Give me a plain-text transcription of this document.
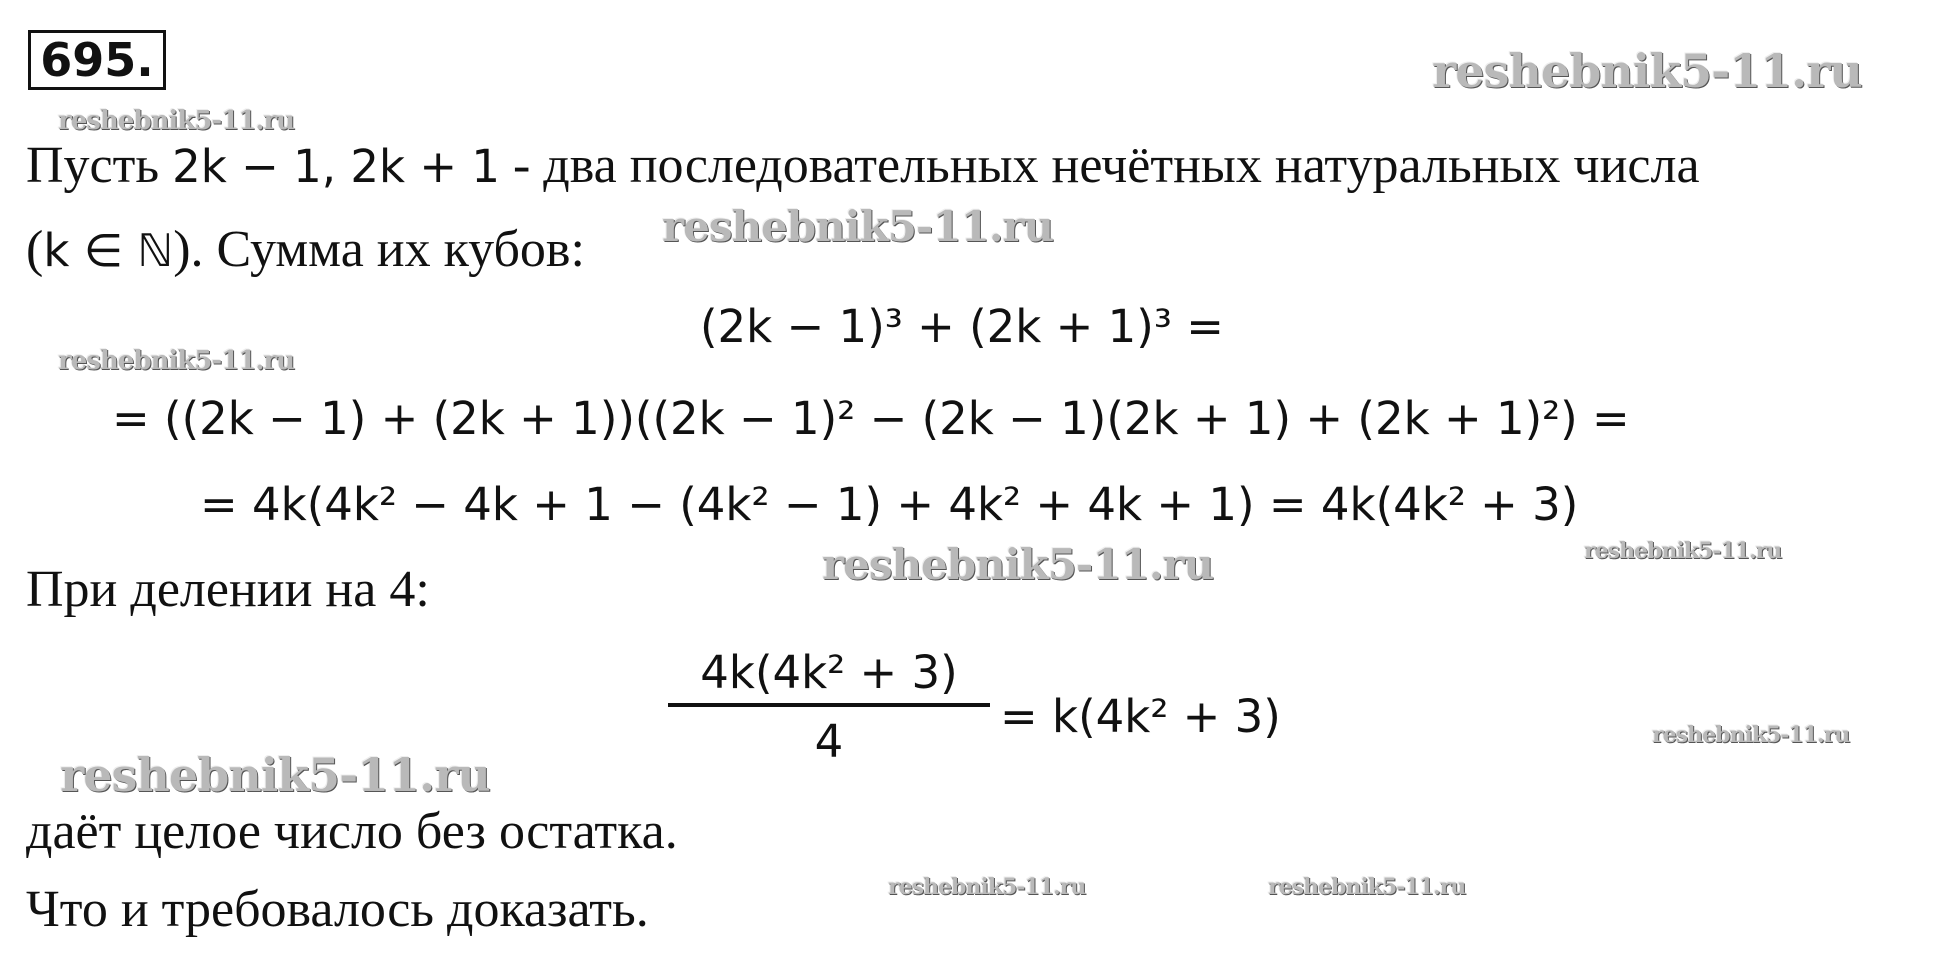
695.	reshebnik5-11.ru
reshebnik5-11.ru
reshebnik5-11.ru
reshebnik5-11.ru
reshebnik5-11.ru	reshebnik5-11.ru
reshebnik5-11.ru
reshebnik5-11.ru
reshebnik5-11.ru	reshebnik5-11.ru
Пусть 2k − 1, 2k + 1 - два последовательных нечётных натуральных числа
(k ∈ ℕ). Сумма их кубов:
(2k − 1)³ + (2k + 1)³ =
= ((2k − 1) + (2k + 1))((2k − 1)² − (2k − 1)(2k + 1) + (2k + 1)²) =
= 4k(4k² − 4k + 1 − (4k² − 1) + 4k² + 4k + 1) = 4k(4k² + 3)
При делении на 4:
4k(4k² + 3)
4	= k(4k² + 3)
даёт целое число без остатка.
Что и требовалось доказать.
